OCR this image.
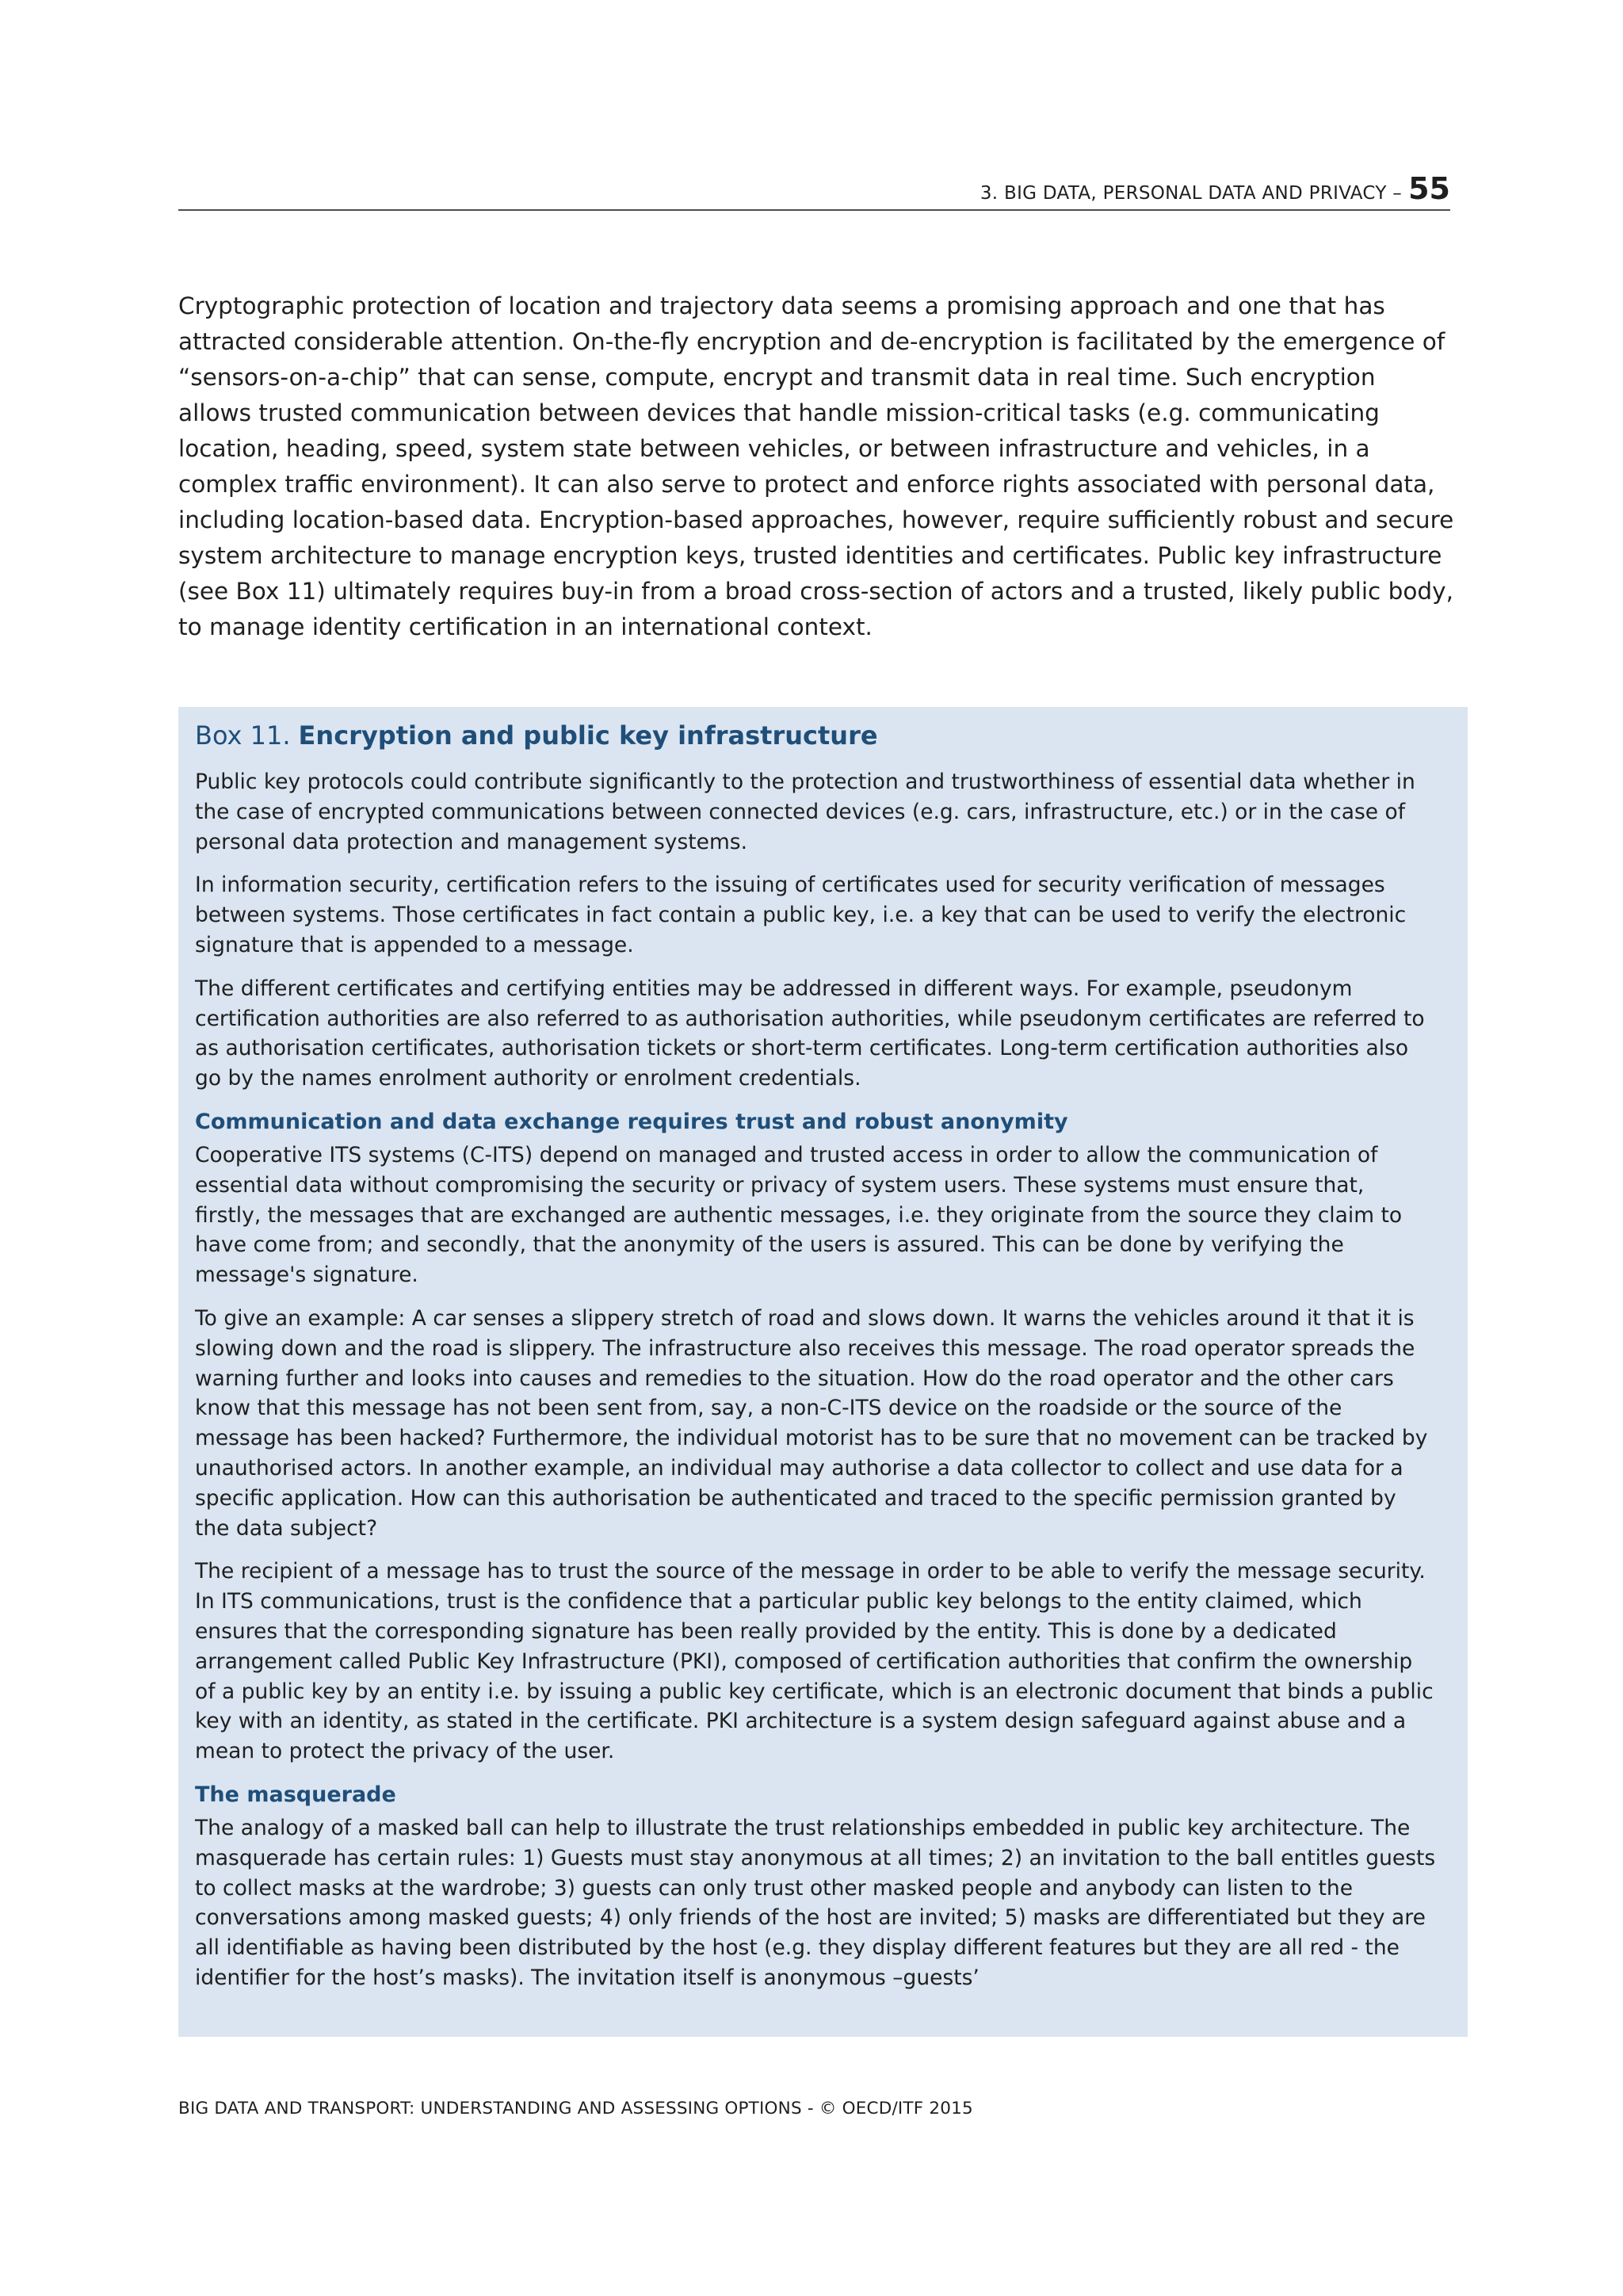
3. BIG DATA, PERSONAL DATA AND PRIVACY – 55

Cryptographic protection of location and trajectory data seems a promising approach and one that has attracted considerable attention. On-the-fly encryption and de-encryption is facilitated by the emergence of “sensors-on-a-chip” that can sense, compute, encrypt and transmit data in real time. Such encryption allows trusted communication between devices that handle mission-critical tasks (e.g. communicating location, heading, speed, system state between vehicles, or between infrastructure and vehicles, in a complex traffic environment). It can also serve to protect and enforce rights associated with personal data, including location-based data. Encryption-based approaches, however, require sufficiently robust and secure system architecture to manage encryption keys, trusted identities and certificates. Public key infrastructure (see Box 11) ultimately requires buy-in from a broad cross-section of actors and a trusted, likely public body, to manage identity certification in an international context.

Box 11. Encryption and public key infrastructure

Public key protocols could contribute significantly to the protection and trustworthiness of essential data whether in the case of encrypted communications between connected devices (e.g. cars, infrastructure, etc.) or in the case of personal data protection and management systems.

In information security, certification refers to the issuing of certificates used for security verification of messages between systems. Those certificates in fact contain a public key, i.e. a key that can be used to verify the electronic signature that is appended to a message.

The different certificates and certifying entities may be addressed in different ways. For example, pseudonym certification authorities are also referred to as authorisation authorities, while pseudonym certificates are referred to as authorisation certificates, authorisation tickets or short-term certificates. Long-term certification authorities also go by the names enrolment authority or enrolment credentials.

Communication and data exchange requires trust and robust anonymity

Cooperative ITS systems (C-ITS) depend on managed and trusted access in order to allow the communication of essential data without compromising the security or privacy of system users. These systems must ensure that, firstly, the messages that are exchanged are authentic messages, i.e. they originate from the source they claim to have come from; and secondly, that the anonymity of the users is assured. This can be done by verifying the message's signature.

To give an example: A car senses a slippery stretch of road and slows down. It warns the vehicles around it that it is slowing down and the road is slippery. The infrastructure also receives this message. The road operator spreads the warning further and looks into causes and remedies to the situation. How do the road operator and the other cars know that this message has not been sent from, say, a non-C-ITS device on the roadside or the source of the message has been hacked? Furthermore, the individual motorist has to be sure that no movement can be tracked by unauthorised actors. In another example, an individual may authorise a data collector to collect and use data for a specific application. How can this authorisation be authenticated and traced to the specific permission granted by the data subject?

The recipient of a message has to trust the source of the message in order to be able to verify the message security. In ITS communications, trust is the confidence that a particular public key belongs to the entity claimed, which ensures that the corresponding signature has been really provided by the entity. This is done by a dedicated arrangement called Public Key Infrastructure (PKI), composed of certification authorities that confirm the ownership of a public key by an entity i.e. by issuing a public key certificate, which is an electronic document that binds a public key with an identity, as stated in the certificate. PKI architecture is a system design safeguard against abuse and a mean to protect the privacy of the user.

The masquerade

The analogy of a masked ball can help to illustrate the trust relationships embedded in public key architecture. The masquerade has certain rules: 1) Guests must stay anonymous at all times; 2) an invitation to the ball entitles guests to collect masks at the wardrobe; 3) guests can only trust other masked people and anybody can listen to the conversations among masked guests; 4) only friends of the host are invited; 5) masks are differentiated but they are all identifiable as having been distributed by the host (e.g. they display different features but they are all red - the identifier for the host’s masks). The invitation itself is anonymous –guests’

BIG DATA AND TRANSPORT: UNDERSTANDING AND ASSESSING OPTIONS - © OECD/ITF 2015
